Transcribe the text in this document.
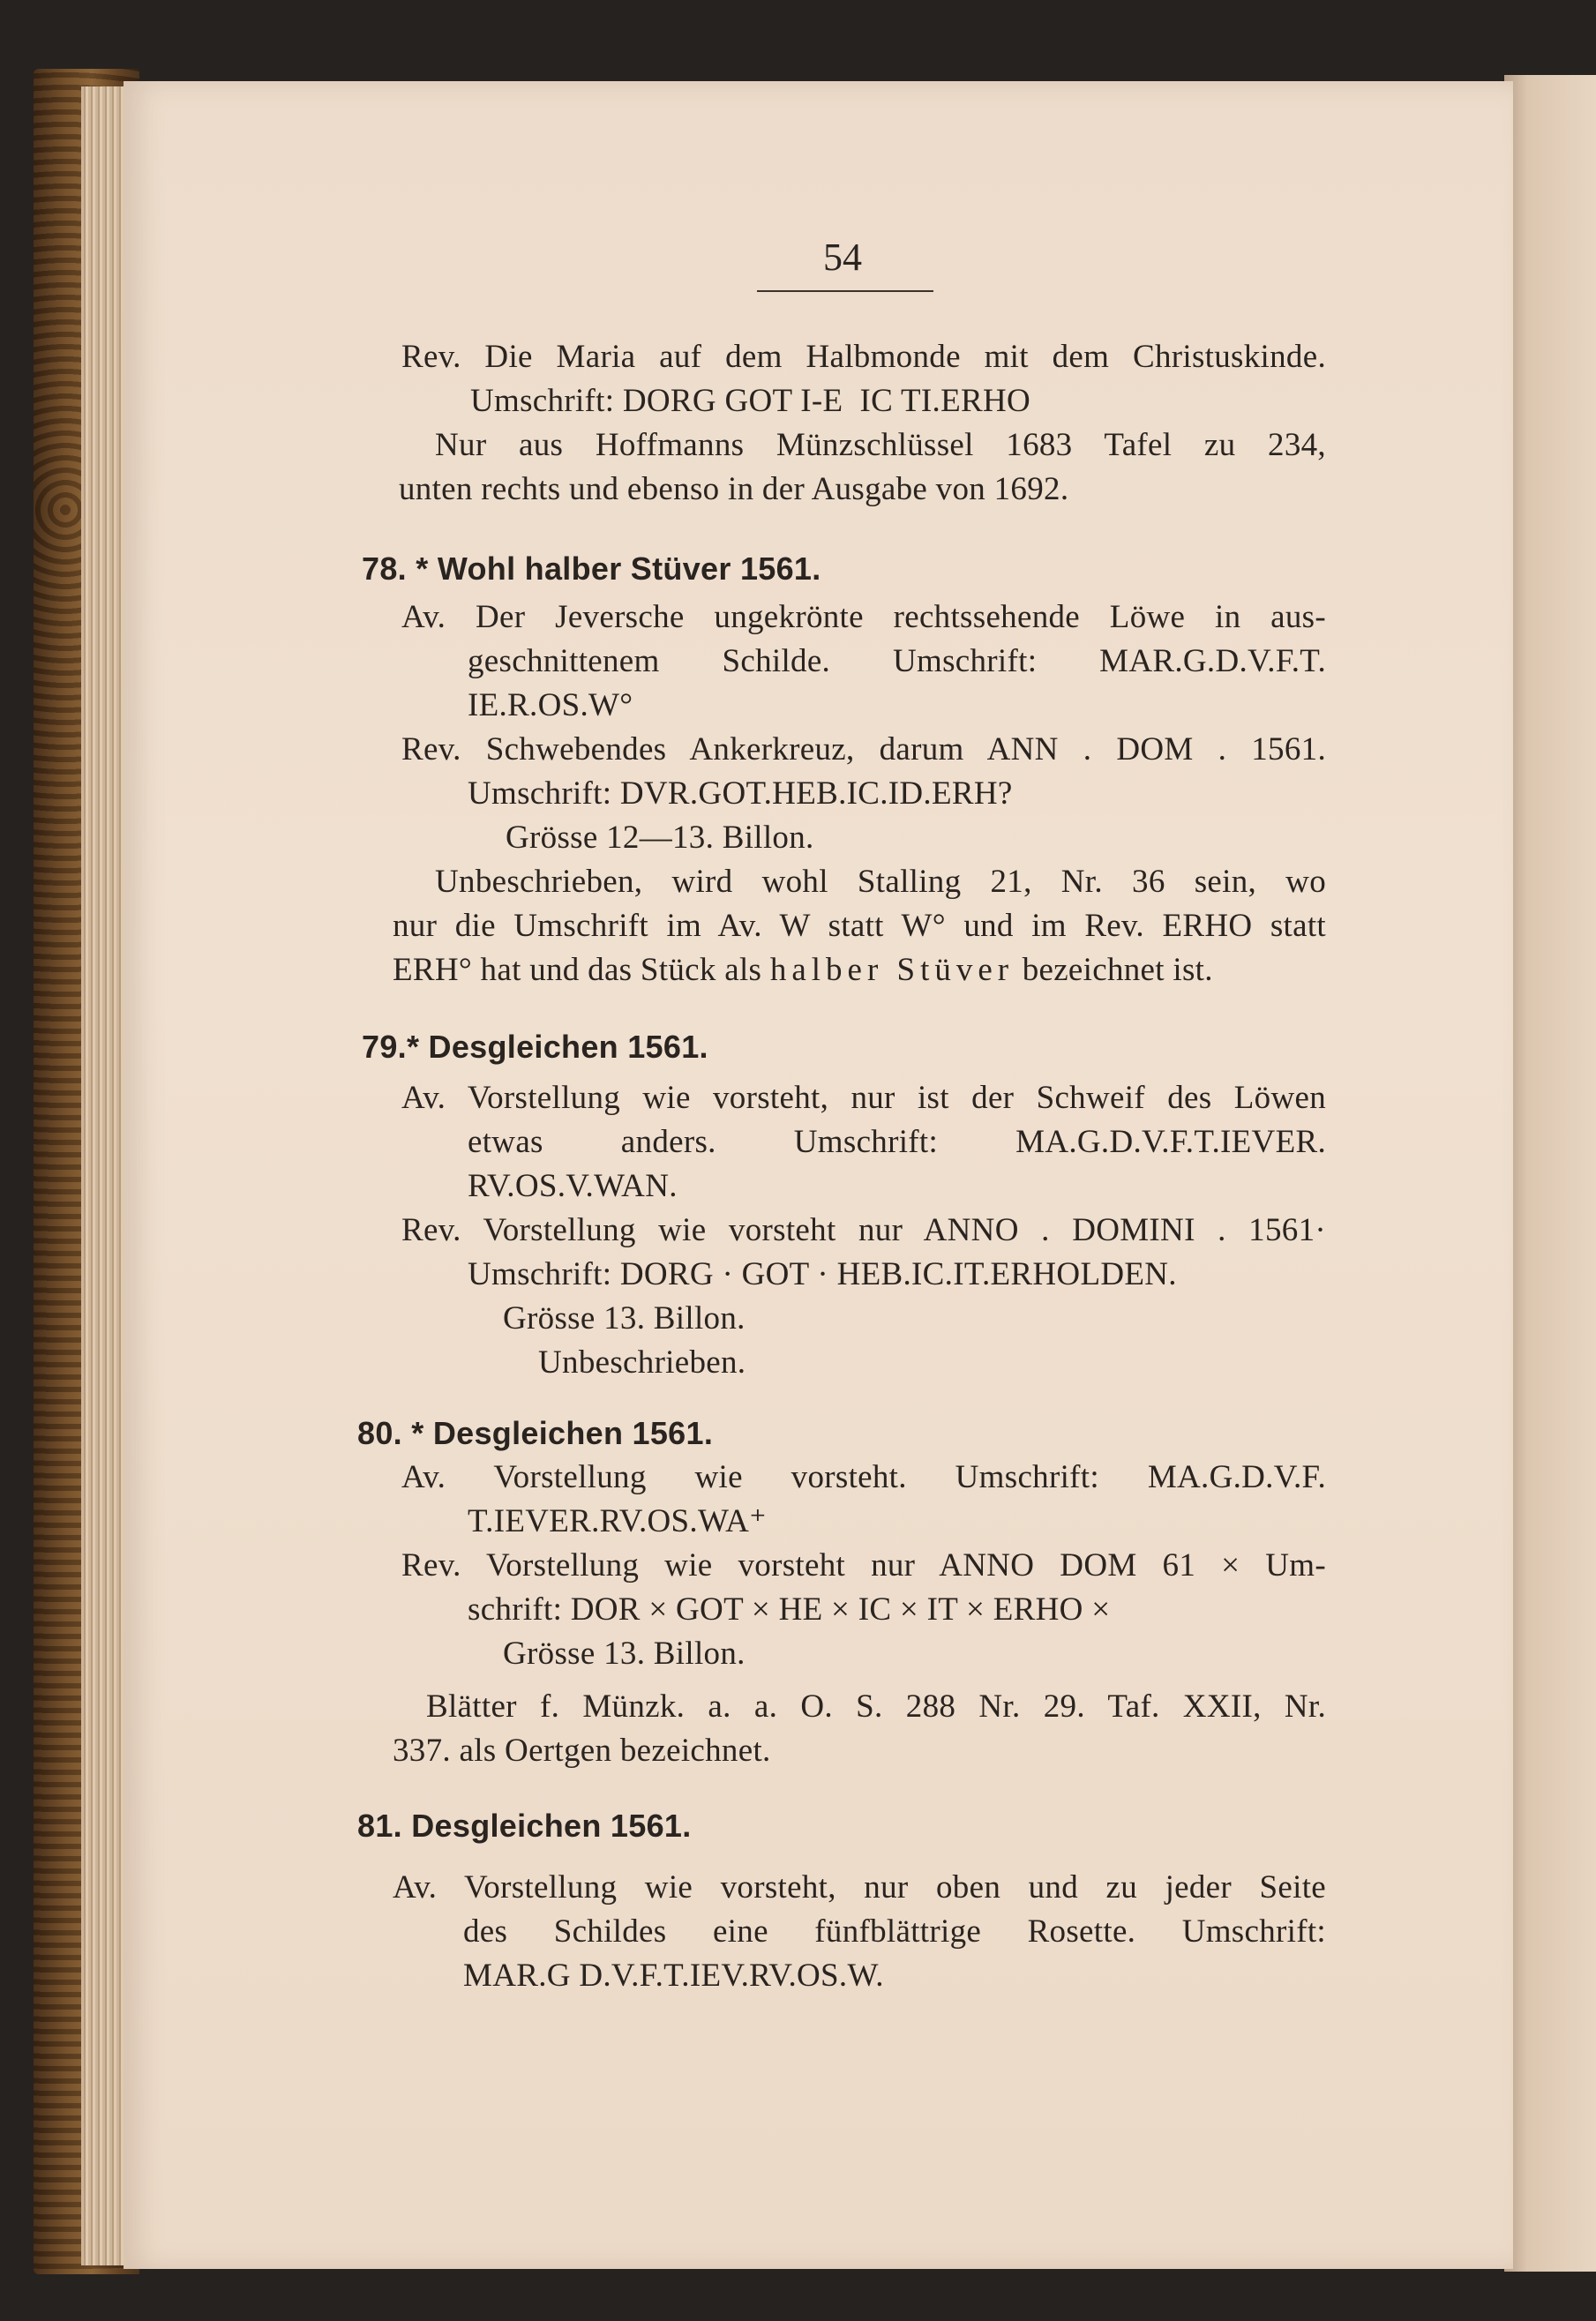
54
Rev. Die Maria auf dem Halbmonde mit dem Christuskinde.
Umschrift: DORG GOT I-E  IC TI.ERHO
Nur aus Hoffmanns Münzschlüssel 1683 Tafel zu 234,
unten rechts und ebenso in der Ausgabe von 1692.
78. * Wohl halber Stüver 1561.
Av. Der Jeversche ungekrönte rechtssehende Löwe in aus-
geschnittenem Schilde. Umschrift: MAR.G.D.V.F.T.
IE.R.OS.W°
Rev. Schwebendes Ankerkreuz, darum ANN . DOM . 1561.
Umschrift: DVR.GOT.HEB.IC.ID.ERH?
Grösse 12—13. Billon.
Unbeschrieben, wird wohl Stalling 21, Nr. 36 sein, wo
nur die Umschrift im Av. W statt W° und im Rev. ERHO statt
ERH° hat und das Stück als halber Stüver bezeichnet ist.
79.* Desgleichen 1561.
Av. Vorstellung wie vorsteht, nur ist der Schweif des Löwen
etwas anders. Umschrift: MA.G.D.V.F.T.IEVER.
RV.OS.V.WAN.
Rev. Vorstellung wie vorsteht nur ANNO . DOMINI . 1561·
Umschrift: DORG · GOT · HEB.IC.IT.ERHOLDEN.
Grösse 13. Billon.
Unbeschrieben.
80. * Desgleichen 1561.
Av. Vorstellung wie vorsteht. Umschrift: MA.G.D.V.F.
T.IEVER.RV.OS.WA⁺
Rev. Vorstellung wie vorsteht nur ANNO DOM 61 × Um-
schrift: DOR × GOT × HE × IC × IT × ERHO ×
Grösse 13. Billon.
Blätter f. Münzk. a. a. O. S. 288 Nr. 29. Taf. XXII, Nr.
337. als Oertgen bezeichnet.
81. Desgleichen 1561.
Av. Vorstellung wie vorsteht, nur oben und zu jeder Seite
des Schildes eine fünfblättrige Rosette. Umschrift:
MAR.G D.V.F.T.IEV.RV.OS.W.
